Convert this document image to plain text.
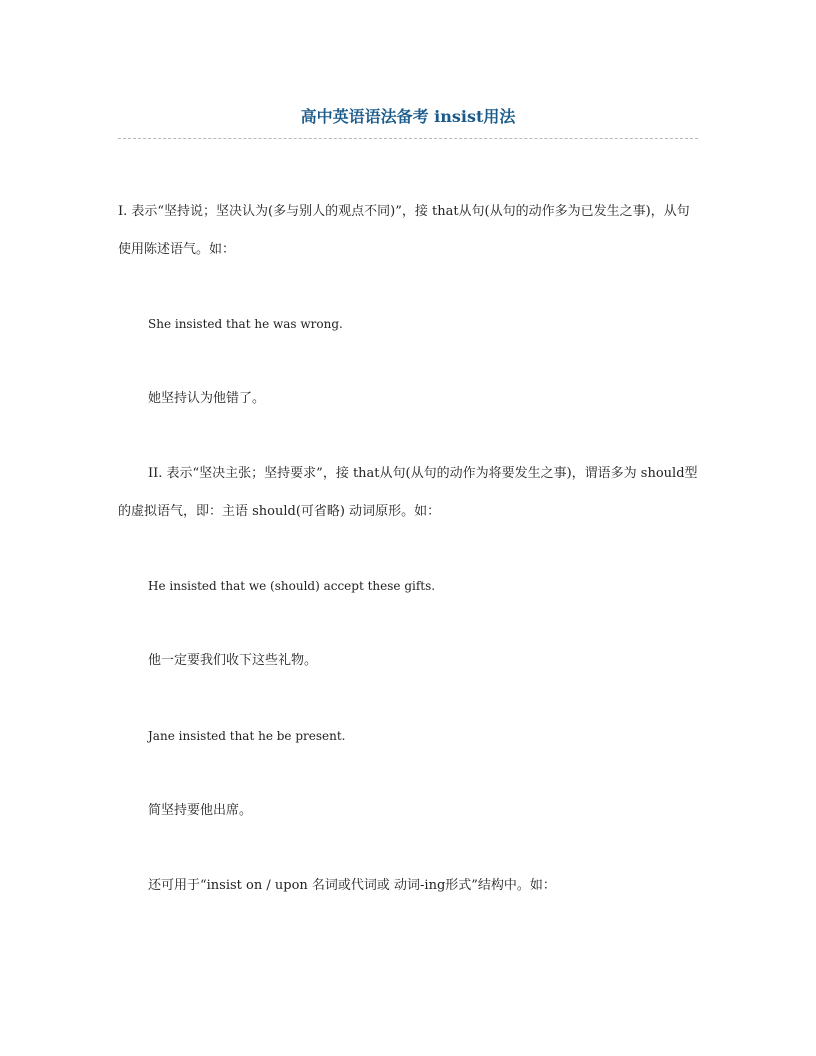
高中英语语法备考 insist用法

I. 表示“坚持说；坚决认为(多与别人的观点不同)”，接 that从句(从句的动作多为已发生之事)，从句使用陈述语气。如：

She insisted that he was wrong.

她坚持认为他错了。

II. 表示“坚决主张；坚持要求”，接 that从句(从句的动作为将要发生之事)，谓语多为 should型的虚拟语气，即：主语 should(可省略) 动词原形。如：

He insisted that we (should) accept these gifts.

他一定要我们收下这些礼物。

Jane insisted that he be present.

简坚持要他出席。

还可用于“insist on / upon 名词或代词或 动词-ing形式”结构中。如：
